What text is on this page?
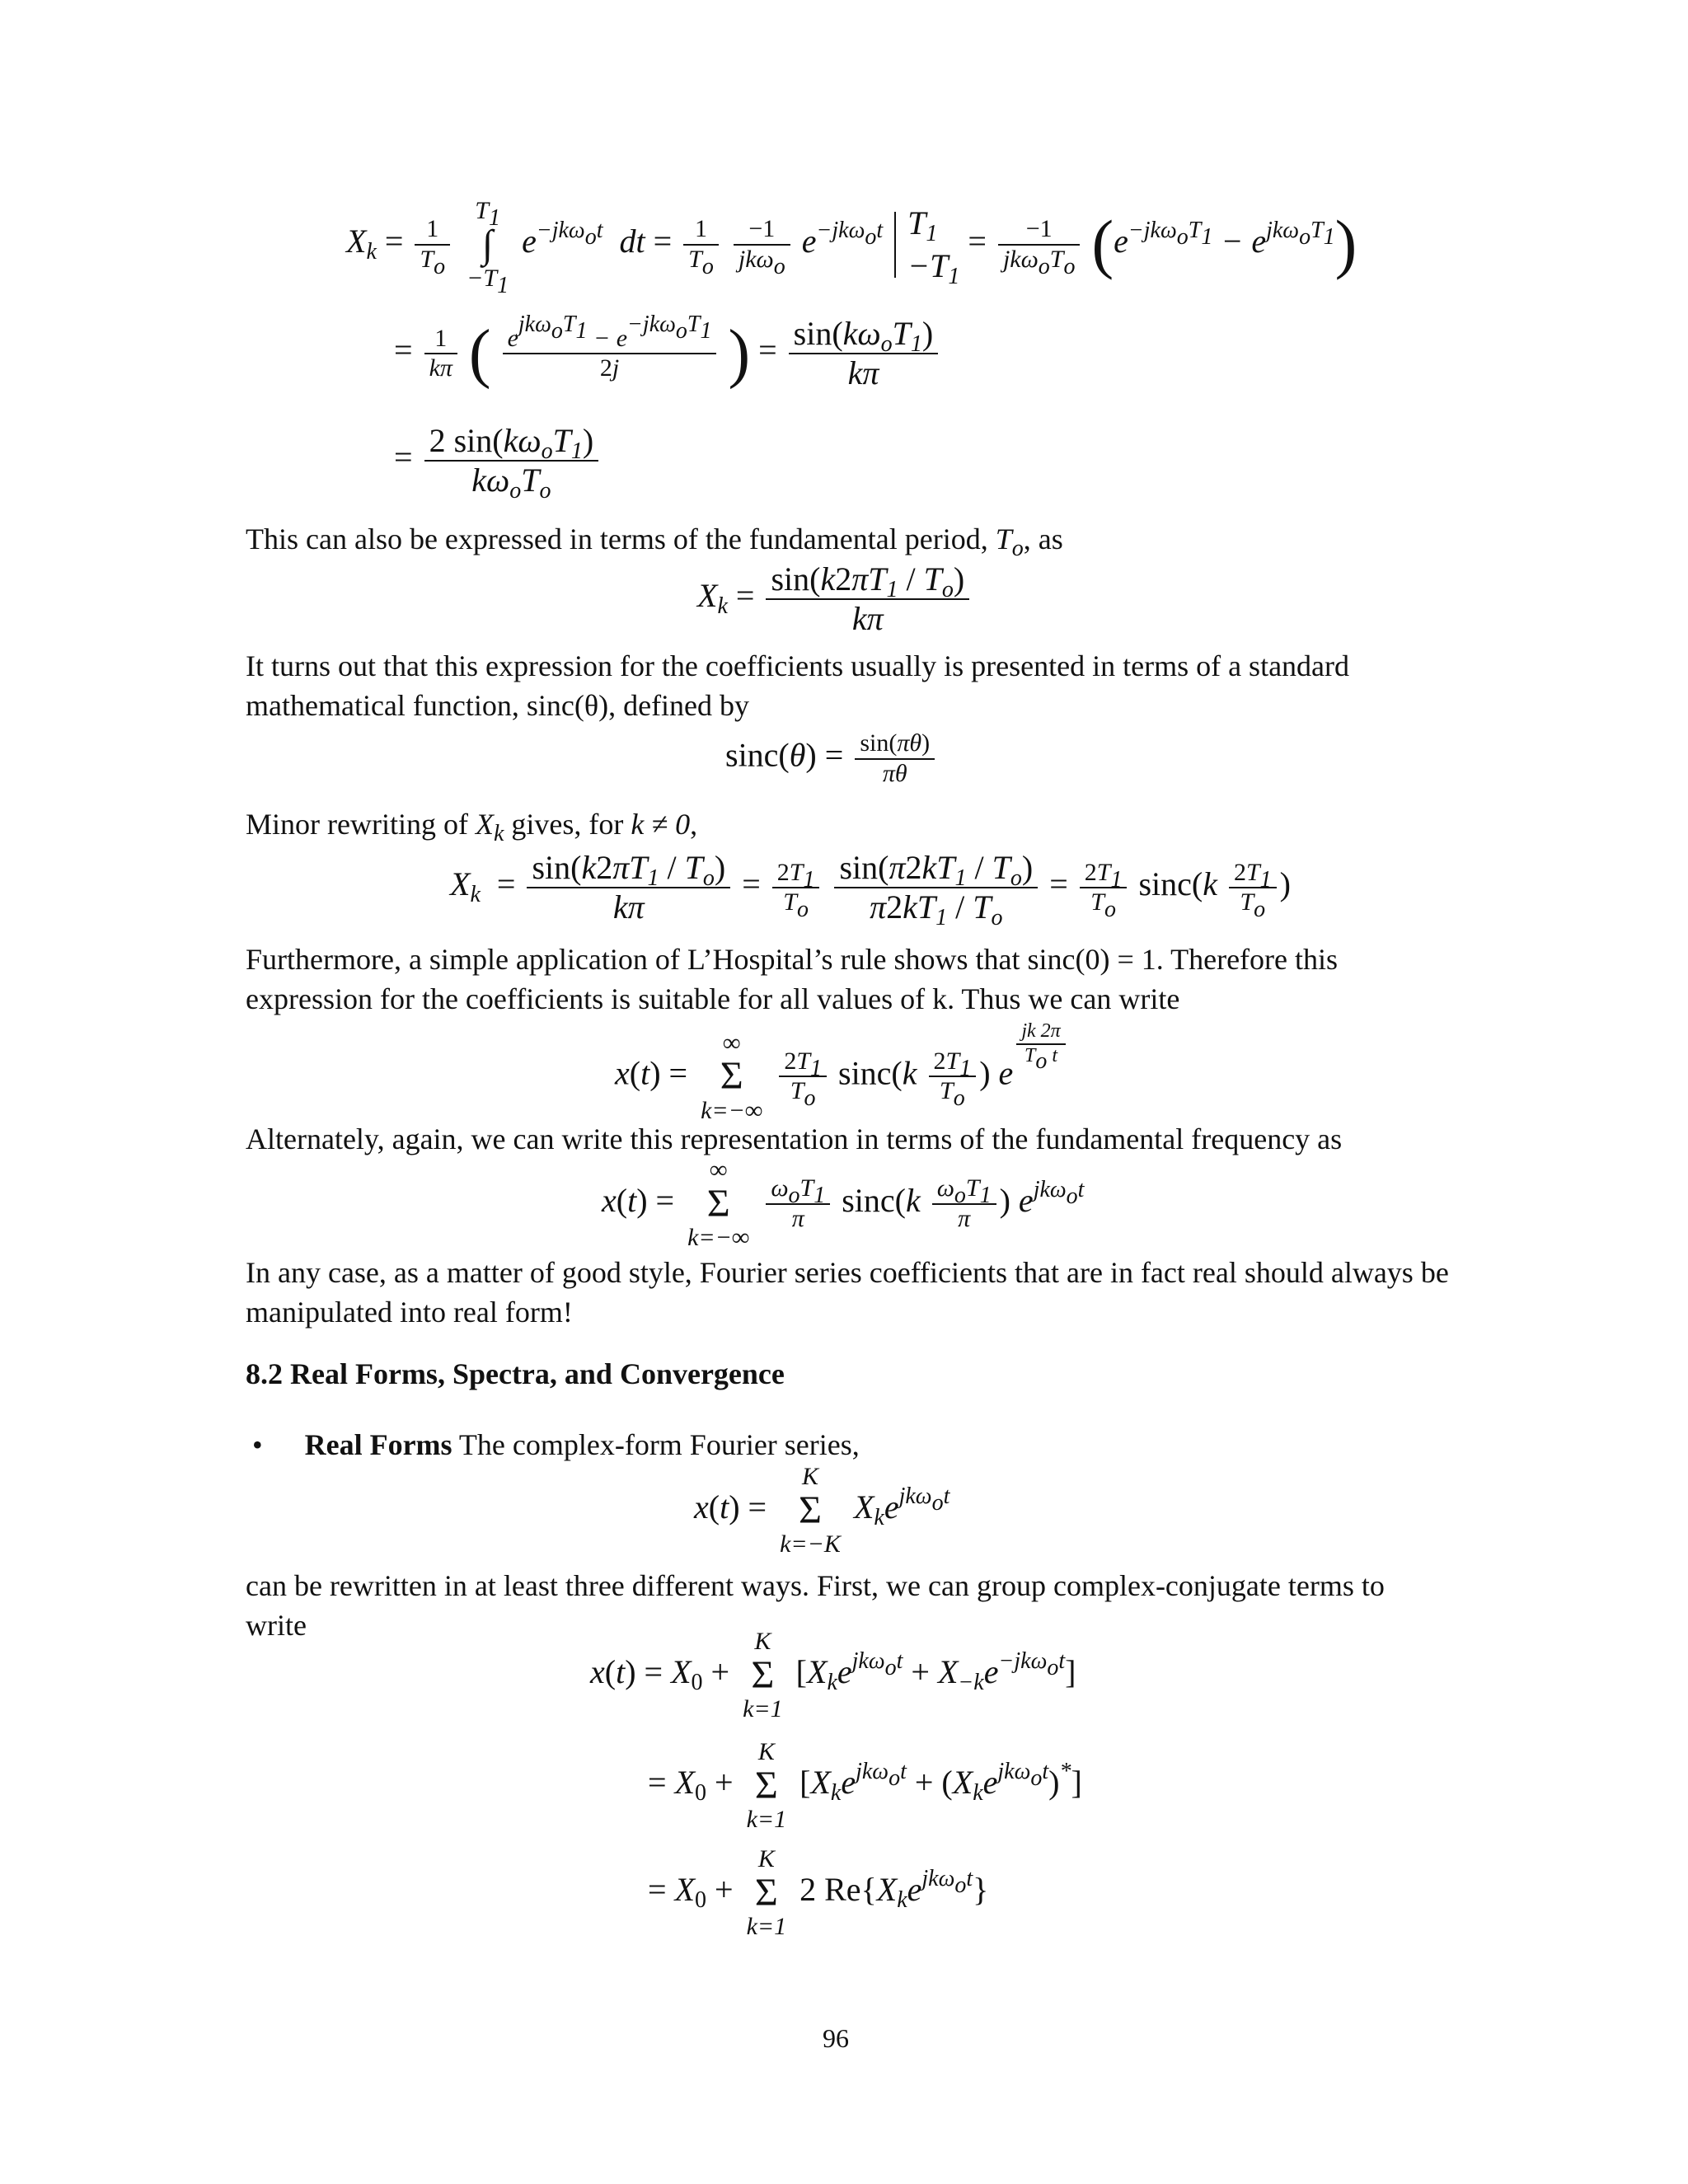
$X_k = \frac{1}{T_o}$

$T_1$
∫
$-T_1$
$e^{-jk\omega_ot}$ dt = $\frac{1}{T_o}$
$\frac{-1}{jk\omega_o} e^{-jk\omega_ot}$ $T_1$
$-T_1$
= $\frac{-1}{jk\omega_oT_o} (e^{-jk\omega_oT_1} - e^{jk\omega_oT_1})$
= $\frac{1}{k\pi}$ ( $\frac{e^{jk\omega_oT_1} - e^{-jk\omega_oT_1}}{2j}$ ) = $\frac{\sin(k\omega_oT_1)}{k\pi}$
= $\frac{2 \sin(k\omega_oT_1)}{k\omega_oT_o}$
This can also be expressed in terms of the fundamental period, $T_o$, as
$X_k = \frac{\sin(k2\pi T_1 / T_o)}{k\pi}$
It turns out that this expression for the coefficients usually is presented in terms of a standard mathematical function, sinc(θ), defined by
$\sin c(\theta) = \frac{\sin(\pi\theta)}{\pi\theta}$
Minor rewriting of $X_k$ gives, for k ≠ 0,
$X_k = \frac{\sin(k2\pi T_1 / T_o)}{k\pi} = \frac{2T_1}{T_o}$
$\frac{\sin(\pi 2kT_1 / T_o)}{\pi 2kT_1 / T_o} = \frac{2T_1}{T_o} \sin c(k \frac{2T_1}{T_o}$ )
Furthermore, a simple application of L’Hospital’s rule shows that sinc(0) = 1. Therefore this expression for the coefficients is suitable for all values of k. Thus we can write
x(t) =
∞
Σ
k=−∞

$\frac{2T_1}{T_o} \sin c(k \frac{2T_1}{T_o}$ ) e
$\frac{jk 2\pi}{T_o t}$
Alternately, again, we can write this representation in terms of the fundamental frequency as
x(t) =
∞
Σ
k=−∞

$\frac{\omega_oT_1}{\pi} \sin c(k \frac{\omega_oT_1}{\pi}$ ) $e^{jk\omega_ot}$
In any case, as a matter of good style, Fourier series coefficients that are in fact real should always be manipulated into real form!
8.2 Real Forms, Spectra, and Convergence
• Real Forms The complex-form Fourier series,
x(t) =
K
Σ
k=−K
$X_ke^{jk\omega_ot}$
can be rewritten in at least three different ways. First, we can group complex-conjugate terms to write
$x(t) = X_0$ +
K
Σ
k=1
$[X_ke^{jk\omega_ot} + X_{-k}e^{-jk\omega_ot}]$
= $X_0$ +
K
Σ
k=1
$[X_ke^{jk\omega_ot} + (X_ke^{jk\omega_ot})^*]$
= $X_0$ +
K
Σ
k=1
2 $Re\{X_ke^{jk\omega_ot}\}$
96
